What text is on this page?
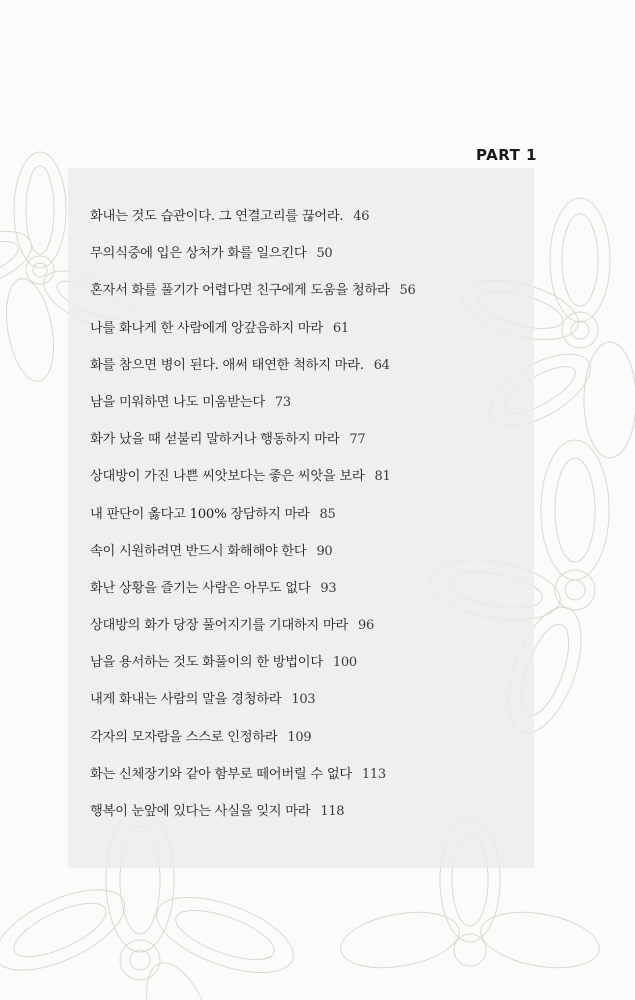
PART 1
화내는 것도 습관이다. 그 연결고리를 끊어라. 46
무의식중에 입은 상처가 화를 일으킨다 50
혼자서 화를 풀기가 어렵다면 친구에게 도움을 청하라 56
나를 화나게 한 사람에게 앙갚음하지 마라 61
화를 참으면 병이 된다. 애써 태연한 척하지 마라. 64
남을 미워하면 나도 미움받는다 73
화가 났을 때 섣불리 말하거나 행동하지 마라 77
상대방이 가진 나쁜 씨앗보다는 좋은 씨앗을 보라 81
내 판단이 옳다고 100% 장담하지 마라 85
속이 시원하려면 반드시 화해해야 한다 90
화난 상황을 즐기는 사람은 아무도 없다 93
상대방의 화가 당장 풀어지기를 기대하지 마라 96
남을 용서하는 것도 화풀이의 한 방법이다 100
내게 화내는 사람의 말을 경청하라 103
각자의 모자람을 스스로 인정하라 109
화는 신체장기와 같아 함부로 떼어버릴 수 없다 113
행복이 눈앞에 있다는 사실을 잊지 마라 118
